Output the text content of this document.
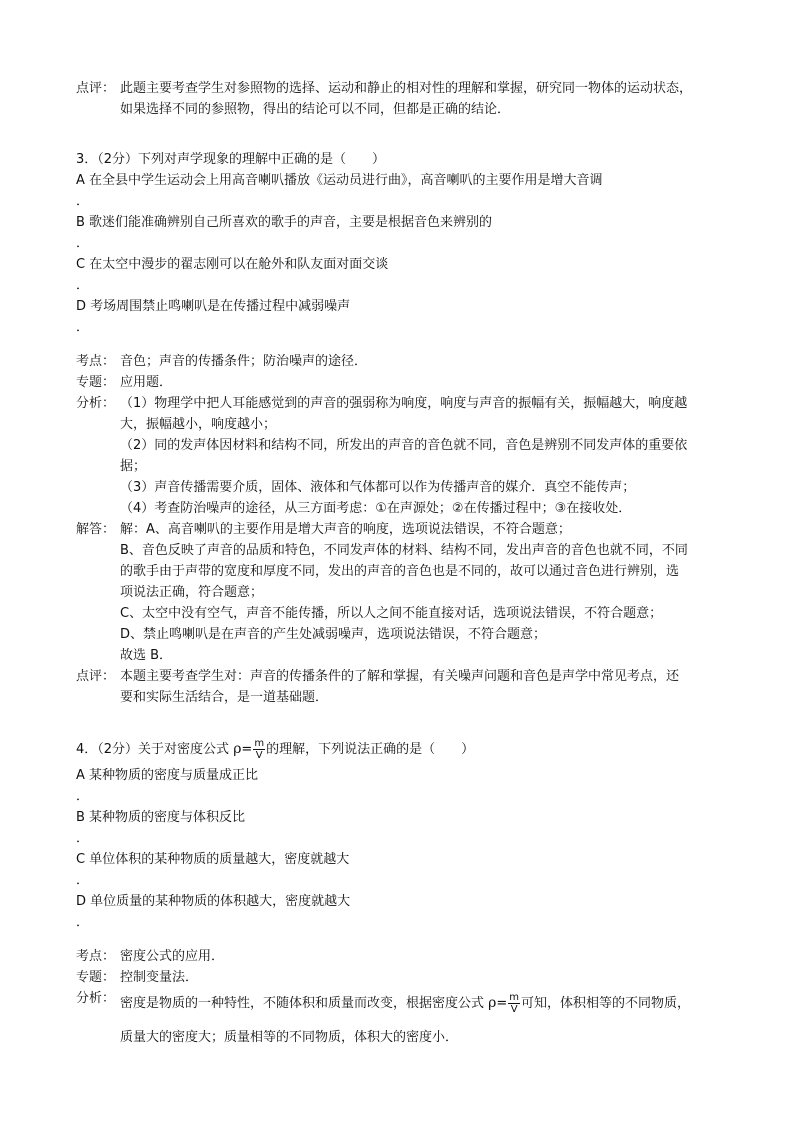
点评： 此题主要考查学生对参照物的选择、运动和静止的相对性的理解和掌握，研究同一物体的运动状态，
如果选择不同的参照物，得出的结论可以不同，但都是正确的结论．
3．（2分）下列对声学现象的理解中正确的是（　　）
A 在全县中学生运动会上用高音喇叭播放《运动员进行曲》，高音喇叭的主要作用是增大音调
．
B 歌迷们能准确辨别自己所喜欢的歌手的声音，主要是根据音色来辨别的
．
C 在太空中漫步的翟志刚可以在舱外和队友面对面交谈
．
D 考场周围禁止鸣喇叭是在传播过程中减弱噪声
．
考点： 音色；声音的传播条件；防治噪声的途径．
专题： 应用题．
分析： （1）物理学中把人耳能感觉到的声音的强弱称为响度，响度与声音的振幅有关，振幅越大，响度越
大，振幅越小，响度越小；
（2）同的发声体因材料和结构不同，所发出的声音的音色就不同，音色是辨别不同发声体的重要依
据；
（3）声音传播需要介质，固体、液体和气体都可以作为传播声音的媒介．真空不能传声；
（4）考查防治噪声的途径，从三方面考虑：①在声源处；②在传播过程中；③在接收处．
解答： 解：A、高音喇叭的主要作用是增大声音的响度，选项说法错误，不符合题意；
B、音色反映了声音的品质和特色，不同发声体的材料、结构不同，发出声音的音色也就不同，不同
的歌手由于声带的宽度和厚度不同，发出的声音的音色也是不同的，故可以通过音色进行辨别，选
项说法正确，符合题意；
C、太空中没有空气，声音不能传播，所以人之间不能直接对话，选项说法错误，不符合题意；
D、禁止鸣喇叭是在声音的产生处减弱噪声，选项说法错误，不符合题意；
故选 B．
点评： 本题主要考查学生对：声音的传播条件的了解和掌握，有关噪声问题和音色是声学中常见考点，还
要和实际生活结合，是一道基础题．
4．（2分）关于对密度公式 $\rho= \frac{m}{V}$ 的理解，下列说法正确的是（　　）
A 某种物质的密度与质量成正比
．
B 某种物质的密度与体积反比
．
C 单位体积的某种物质的质量越大，密度就越大
．
D 单位质量的某种物质的体积越大，密度就越大
．
考点： 密度公式的应用．
专题： 控制变量法．
分析： 密度是物质的一种特性，不随体积和质量而改变，根据密度公式 $\rho= \frac{m}{V}$ 可知，体积相等的不同物质，
质量大的密度大；质量相等的不同物质，体积大的密度小．
